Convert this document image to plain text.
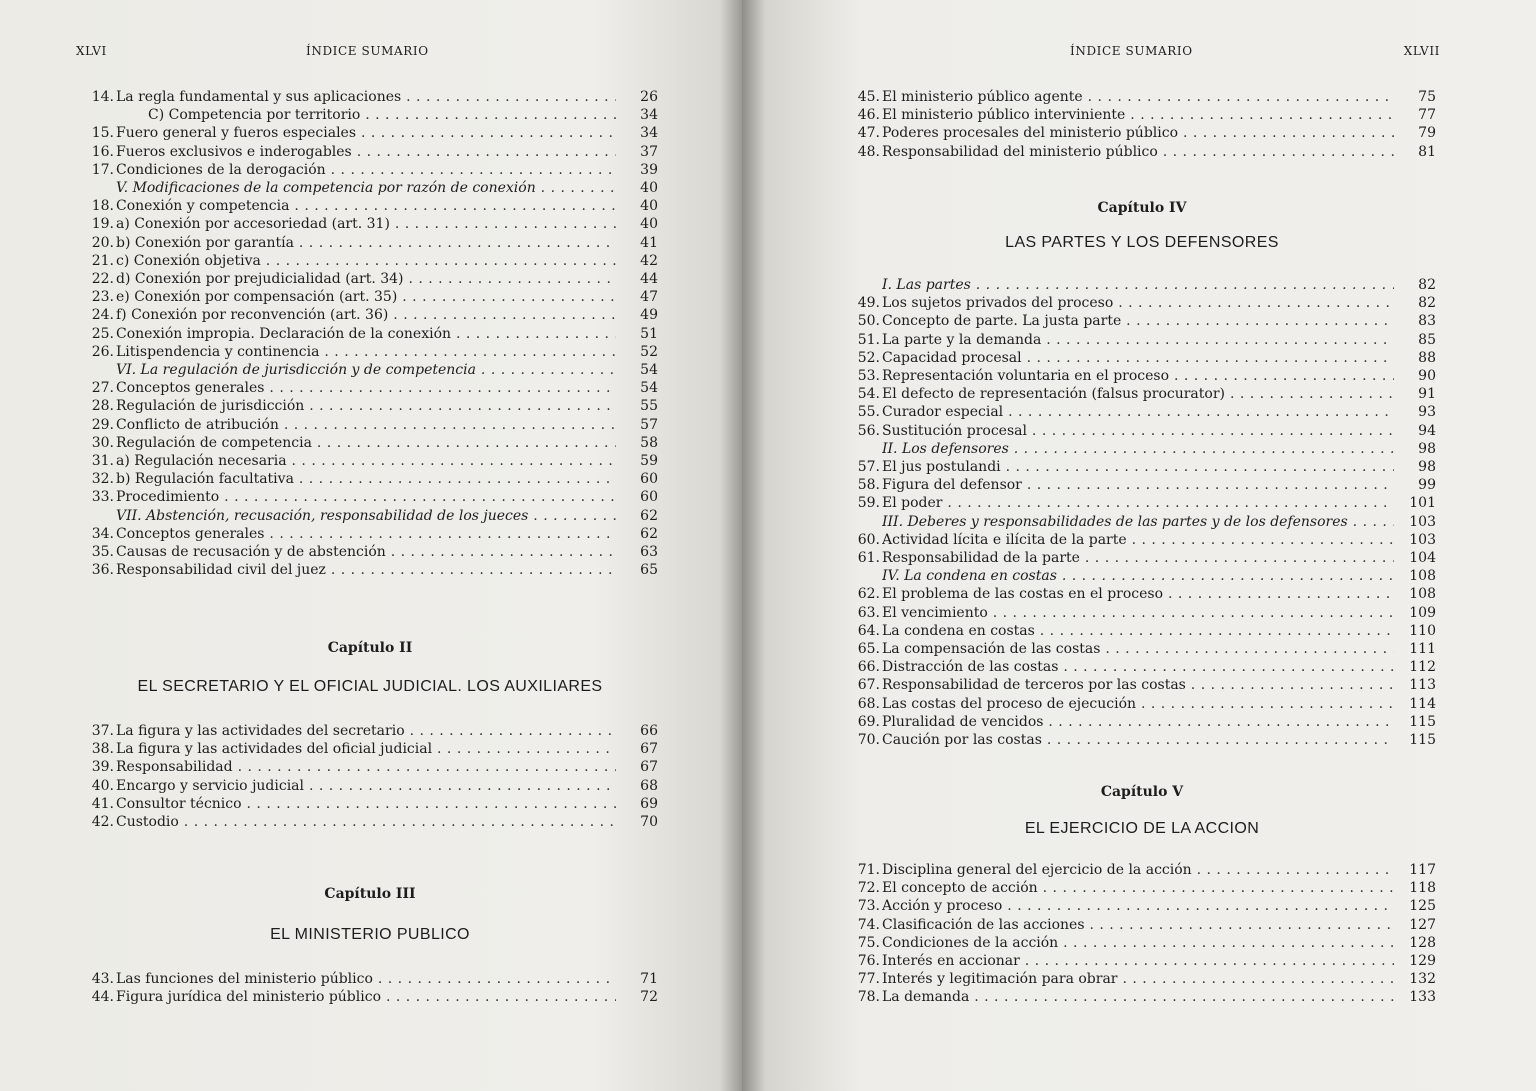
XLVI	ÍNDICE SUMARIO
14. La regla fundamental y sus aplicaciones . . .	26
C) Competencia por territorio . . .	34
15. Fuero general y fueros especiales . . .	34
16. Fueros exclusivos e inderogables . . .	37
17. Condiciones de la derogación . . .	39
V. Modificaciones de la competencia por razón de conexión . . .	40
18. Conexión y competencia . . .	40
19. a) Conexión por accesoriedad (art. 31) . . .	40
20. b) Conexión por garantía . . .	41
21. c) Conexión objetiva . . .	42
22. d) Conexión por prejudicialidad (art. 34) . . .	44
23. e) Conexión por compensación (art. 35) . . .	47
24. f) Conexión por reconvención (art. 36) . . .	49
25. Conexión impropia. Declaración de la conexión . . .	51
26. Litispendencia y continencia . . .	52
VI. La regulación de jurisdicción y de competencia . . .	54
27. Conceptos generales . . .	54
28. Regulación de jurisdicción . . .	55
29. Conflicto de atribución . . .	57
30. Regulación de competencia . . .	58
31. a) Regulación necesaria . . .	59
32. b) Regulación facultativa . . .	60
33. Procedimiento . . .	60
VII. Abstención, recusación, responsabilidad de los jueces . . .	62
34. Conceptos generales . . .	62
35. Causas de recusación y de abstención . . .	63
36. Responsabilidad civil del juez . . .	65
Capítulo II
EL SECRETARIO Y EL OFICIAL JUDICIAL. LOS AUXILIARES
37. La figura y las actividades del secretario . . .	66
38. La figura y las actividades del oficial judicial . . .	67
39. Responsabilidad . . .	67
40. Encargo y servicio judicial . . .	68
41. Consultor técnico . . .	69
42. Custodio . . .	70
Capítulo III
EL MINISTERIO PUBLICO
43. Las funciones del ministerio público . . .	71
44. Figura jurídica del ministerio público . . .	72
ÍNDICE SUMARIO	XLVII
45. El ministerio público agente . . .	75
46. El ministerio público interviniente . . .	77
47. Poderes procesales del ministerio público . . .	79
48. Responsabilidad del ministerio público . . .	81
Capítulo IV
LAS PARTES Y LOS DEFENSORES
I. Las partes . . .	82
49. Los sujetos privados del proceso . . .	82
50. Concepto de parte. La justa parte . . .	83
51. La parte y la demanda . . .	85
52. Capacidad procesal . . .	88
53. Representación voluntaria en el proceso . . .	90
54. El defecto de representación (falsus procurator) . . .	91
55. Curador especial . . .	93
56. Sustitución procesal . . .	94
II. Los defensores . . .	98
57. El jus postulandi . . .	98
58. Figura del defensor . . .	99
59. El poder . . .	101
III. Deberes y responsabilidades de las partes y de los defensores . . .	103
60. Actividad lícita e ilícita de la parte . . .	103
61. Responsabilidad de la parte . . .	104
IV. La condena en costas . . .	108
62. El problema de las costas en el proceso . . .	108
63. El vencimiento . . .	109
64. La condena en costas . . .	110
65. La compensación de las costas . . .	111
66. Distracción de las costas . . .	112
67. Responsabilidad de terceros por las costas . . .	113
68. Las costas del proceso de ejecución . . .	114
69. Pluralidad de vencidos . . .	115
70. Caución por las costas . . .	115
Capítulo V
EL EJERCICIO DE LA ACCION
71. Disciplina general del ejercicio de la acción . . .	117
72. El concepto de acción . . .	118
73. Acción y proceso . . .	125
74. Clasificación de las acciones . . .	127
75. Condiciones de la acción . . .	128
76. Interés en accionar . . .	129
77. Interés y legitimación para obrar . . .	132
78. La demanda . . .	133
